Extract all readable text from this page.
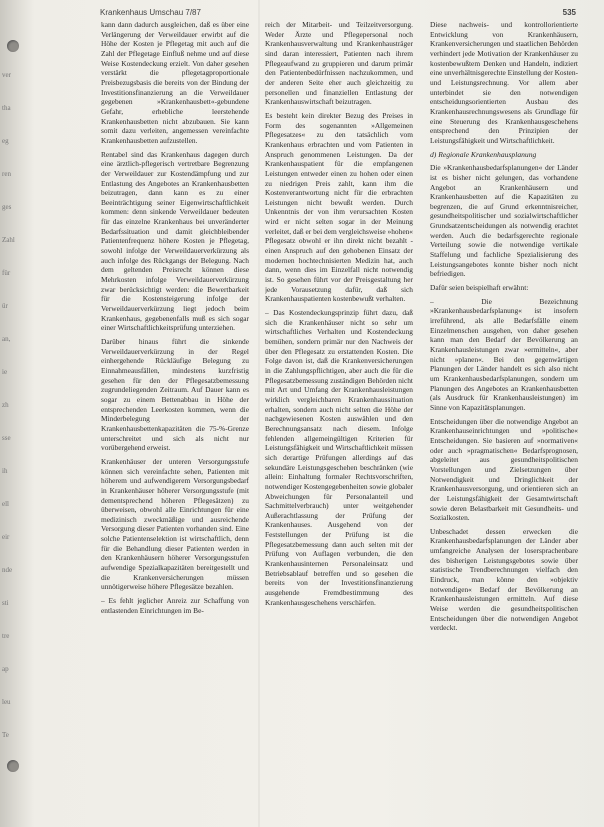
ver
tha
eg
ren
ges
Zahl
für
ür
an,
ie
zh
sse
ih
ell
eir
nde
sti
tre
ap
leu
Te
Krankenhaus Umschau 7/87	535

kann dann dadurch ausgleichen, daß es über eine Verlängerung der Verweildauer erwirbt auf die Höhe der Kosten je Pflegetag mit auch auf die Zahl der Pflegetage Einfluß nehme und auf diese Weise Kostendeckung erzielt. Von daher gesehen verstärkt die pflegetagproportionale Preisbezugsbasis die bereits von der Bindung der Investitionsfinanzierung an die Verweildauer gegebenen »Krankenhausbett«-gebundene Gefahr, erhebliche leerstehende Krankenhausbetten nicht abzubauen. Sie kann somit dazu verleiten, angemessen vereinfachte Krankenhausbetten aufzustellen.

Rentabel sind das Krankenhaus dagegen durch eine ärztlich-pflegerisch vertretbare Begrenzung der Verweildauer zur Kostendämpfung und zur Entlastung des Angebotes an Krankenhausbetten beizutragen, dann kann es zu einer Beeinträchtigung seiner Eigenwirtschaftlichkeit kommen: denn sinkende Verweildauer bedeuten für das einzelne Krankenhaus bei unveränderter Bedarfssituation und damit gleichbleibender Patientenfrequenz höhere Kosten je Pflegetag, sowohl infolge der Verweildauerverkürzung als auch infolge des Rückgangs der Belegung. Nach dem geltenden Preisrecht können diese Mehrkosten infolge Verweildauerverkürzung zwar berücksichtigt werden: die Bewertbarkeit für die Kostensteigerung infolge der Verweildauerverkürzung liegt jedoch beim Krankenhaus, gegebenenfalls muß es sich sogar einer Wirtschaftlichkeitsprüfung unterziehen.

Darüber hinaus führt die sinkende Verweildauerverkürzung in der Regel einhergehende Rückläufige Belegung zu Einnahmeausfällen, mindestens kurzfristig gesehen für den der Pflegesatzbemessung zugrundeliegenden Zeitraum. Auf Dauer kann es sogar zu einem Bettenabbau in Höhe der entsprechenden Leerkosten kommen, wenn die Minderbelegung der Krankenhausbettenkapazitäten die 75-%-Grenze unterschreitet und sich als nicht nur vorübergehend erweist.

Krankenhäuser der unteren Versorgungsstufe können sich vereinfachte sehen, Patienten mit höherem und aufwendigerem Versorgungsbedarf in Krankenhäuser höherer Versorgungsstufe (mit dementsprechend höheren Pflegesätzen) zu überweisen, obwohl alle Einrichtungen für eine medizinisch zweckmäßige und ausreichende Versorgung dieser Patienten vorhanden sind. Eine solche Patientenselektion ist wirtschaftlich, denn für die Behandlung dieser Patienten werden in den Krankenhäusern höherer Versorgungsstufen aufwendige Spezialkapazitäten bereitgestellt und die Krankenversicherungen müssen unnötigerweise höhere Pflegesätze bezahlen.

– Es fehlt jeglicher Anreiz zur Schaffung von entlastenden Einrichtungen im Be-

reich der Mitarbeit- und Teilzeitversorgung. Weder Ärzte und Pflegepersonal noch Krankenhausverwaltung und Krankenhausträger sind daran interessiert, Patienten nach ihrem Pflegeaufwand zu gruppieren und darum primär den Patientenbedürfnissen nachzukommen, und der anderen Seite eher auch gleichzeitig zu personellen und finanziellen Entlastung der Krankenhauswirtschaft beizutragen.

Es besteht kein direkter Bezug des Preises in Form des sogenannten »Allgemeinen Pflegesatzes« zu den tatsächlich vom Krankenhaus erbrachten und vom Patienten in Anspruch genommenen Leistungen. Da der Krankenhauspatient für die empfangenen Leistungen entweder einen zu hohen oder einen zu niedrigen Preis zahlt, kann ihm die Kostenverantwortung nicht für die erbrachten Leistungen nicht bewußt werden. Durch Unkenntnis der von ihm verursachten Kosten wird er nicht selten sogar in der Meinung verleitet, daß er bei dem vergleichsweise »hohen« Pflegesatz obwohl er ihn direkt nicht bezahlt - einen Anspruch auf den gehobenen Einsatz der modernen hochtechnisierten Medizin hat, auch dann, wenn dies im Einzelfall nicht notwendig ist. So gesehen führt vor der Preisgestaltung her jede Vorausetzung dafür, daß sich Krankenhauspatienten kostenbewußt verhalten.

– Das Kostendeckungsprinzip führt dazu, daß sich die Krankenhäuser nicht so sehr um wirtschaftliches Verhalten und Kostendeckung bemühen, sondern primär nur den Nachweis der über den Pflegesatz zu erstattenden Kosten. Die Folge davon ist, daß die Krankenversicherungen in die Zahlungspflichtigen, aber auch die für die Pflegesatzbemessung zuständigen Behörden nicht mit Art und Umfang der Krankenhausleistungen wirklich vergleichbaren Krankenhaussituation erhalten, sondern auch nicht selten die Höhe der nachgewiesenen Kosten auswählen und den Berechnungsansatz nach diesem. Infolge fehlenden allgemeingültigen Kriterien für Leistungsfähigkeit und Wirtschaftlichkeit müssen sich derartige Prüfungen allerdings auf das sekundäre Leistungsgeschehen beschränken (wie allein: Einhaltung formaler Rechtsvorschriften, notwendiger Kostengegebenheiten sowie globaler Abweichungen für Personalanteil und Sachmittelverbrauch) unter weitgehender Außerachtlassung der Prüfung der Krankenhauses. Ausgehend von der Feststellungen der Prüfung ist die Pflegesatzbemessung dann auch selten mit der Prüfung von Auflagen verbunden, die den Krankenhausinternen Personaleinsatz und Betriebsablauf betreffen und so gesehen die bereits von der Investitionsfinanzierung ausgehende Fremdbestimmung des Krankenhausgeschehens verschärfen.

Diese nachweis- und kontrollorientierte Entwicklung von Krankenhäusern, Krankenversicherungen und staatlichen Behörden verhindert jede Motivation der Krankenhäuser zu kostenbewußtem Denken und Handeln, indiziert eine unverhältnisgerechte Einstellung der Kosten- und Leistungsrechnung. Vor allem aber unterbindet sie den notwendigen entscheidungsorientierten Ausbau des Krankenhausrechnungswesens als Grundlage für eine Steuerung des Krankenhausgeschehens entsprechend den Prinzipien der Leistungsfähigkeit und Wirtschaftlichkeit.

d) Regionale Krankenhausplanung

Die »Krankenhausbedarfsplanungen« der Länder ist es bisher nicht gelungen, das vorhandene Angebot an Krankenhäusern und Krankenhausbetten auf die Kapazitäten zu begrenzen, die auf Grund erkenntnisreicher, gesundheitspolitischer und sozialwirtschaftlicher Grundsatzentscheidungen als notwendig erachtet werden. Auch die bedarfsgerechte regionale Verteilung sowie die notwendige vertikale Staffelung und fachliche Spezialisierung des Leistungsangebotes konnte bisher noch nicht befriedigen.

Dafür seien beispielhaft erwähnt:

– Die Bezeichnung »Krankenhausbedarfsplanung« ist insofern irreführend, als alle Bedarfsfälle einem Einzelmenschen ausgehen, von daher gesehen kann man den Bedarf der Bevölkerung an Krankenhausleistungen zwar »ermitteln«, aber nicht »planen«. Bei den gegenwärtigen Planungen der Länder handelt es sich also nicht um Krankenhausbedarfsplanungen, sondern um Planungen des Angebotes an Krankenhausbetten (als Ausdruck für Krankenhausleistungen) im Sinne von Kapazitätsplanungen.

Entscheidungen über die notwendige Angebot an Krankenhauseinrichtungen und »politische« Entscheidungen. Sie basieren auf »normativen« oder auch »pragmatischen« Bedarfsprognosen, abgeleitet aus gesundheitspolitischen Vorstellungen und Zielsetzungen über Notwendigkeit und Dringlichkeit der Krankenhausversorgung, und orientieren sich an der Leistungsfähigkeit der Gesamtwirtschaft sowie deren Belastbarkeit mit Gesundheits- und Sozialkosten.

Unbeschadet dessen erwecken die Krankenhausbedarfsplanungen der Länder aber umfangreiche Analysen der losersprachenbare des bisherigen Leistungsgebotes sowie über statistische Trendberechnungen vielfach den Eindruck, man könne den »objektiv notwendigen« Bedarf der Bevölkerung an Krankenhausleistungen ermitteln. Auf diese Weise werden die gesundheitspolitischen Entscheidungen über die notwendigen Angebot verdeckt.
